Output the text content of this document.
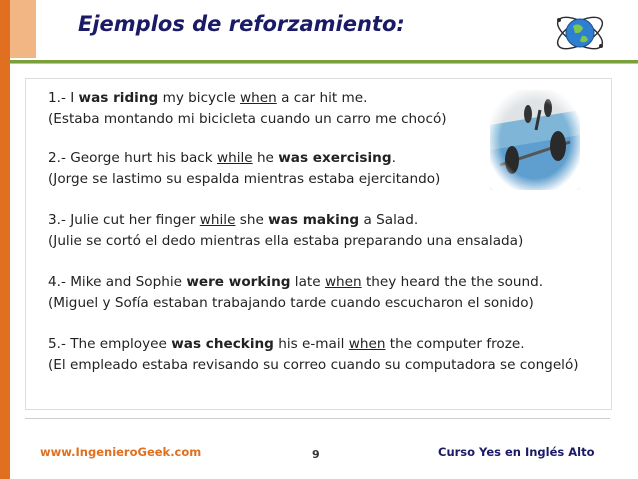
Ejemplos de reforzamiento:

1.- I was riding my bicycle when a car hit me.
(Estaba montando mi bicicleta cuando un carro me chocó)

2.- George hurt his back while he was exercising.
(Jorge se lastimo su espalda mientras estaba ejercitando)

3.- Julie cut her finger while she was making a Salad.
(Julie se cortó el dedo mientras ella estaba preparando una ensalada)

4.- Mike and Sophie were working late when they heard the the sound.
(Miguel y Sofía estaban trabajando tarde cuando escucharon el sonido)

5.- The employee was checking his e-mail when the computer froze.
(El empleado estaba revisando su correo cuando su computadora se congeló)

www.IngenieroGeek.com	9	Curso Yes en Inglés Alto
